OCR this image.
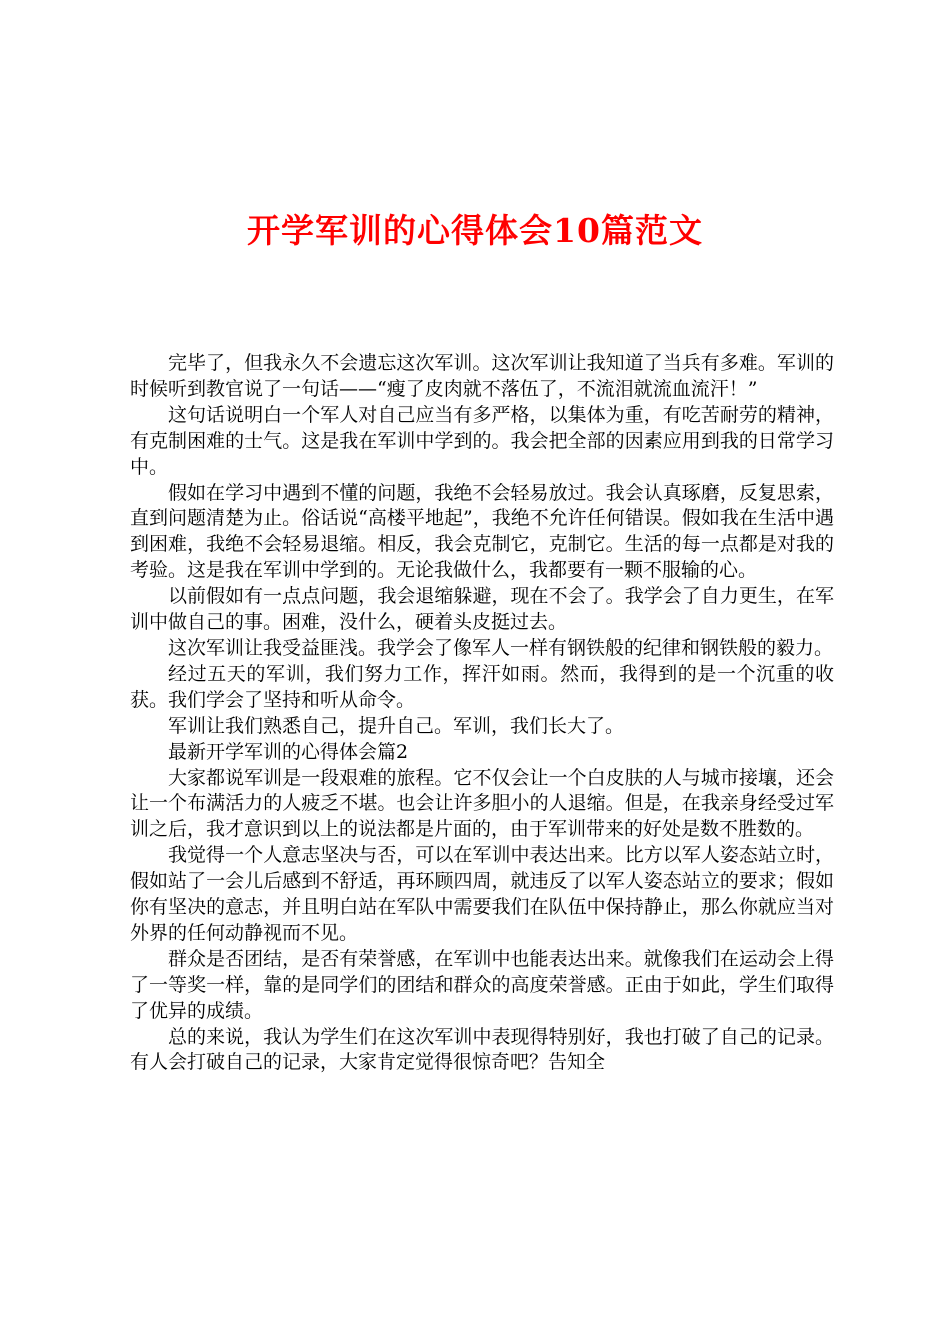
开学军训的心得体会10篇范文

完毕了，但我永久不会遗忘这次军训。这次军训让我知道了当兵有多难。军训的时候听到教官说了一句话——“瘦了皮肉就不落伍了，不流泪就流血流汗！”

这句话说明白一个军人对自己应当有多严格，以集体为重，有吃苦耐劳的精神，有克制困难的士气。这是我在军训中学到的。我会把全部的因素应用到我的日常学习中。

假如在学习中遇到不懂的问题，我绝不会轻易放过。我会认真琢磨，反复思索，直到问题清楚为止。俗话说“高楼平地起”，我绝不允许任何错误。假如我在生活中遇到困难，我绝不会轻易退缩。相反，我会克制它，克制它。生活的每一点都是对我的考验。这是我在军训中学到的。无论我做什么，我都要有一颗不服输的心。

以前假如有一点点问题，我会退缩躲避，现在不会了。我学会了自力更生，在军训中做自己的事。困难，没什么，硬着头皮挺过去。

这次军训让我受益匪浅。我学会了像军人一样有钢铁般的纪律和钢铁般的毅力。

经过五天的军训，我们努力工作，挥汗如雨。然而，我得到的是一个沉重的收获。我们学会了坚持和听从命令。

军训让我们熟悉自己，提升自己。军训，我们长大了。

最新开学军训的心得体会篇2

大家都说军训是一段艰难的旅程。它不仅会让一个白皮肤的人与城市接壤，还会让一个布满活力的人疲乏不堪。也会让许多胆小的人退缩。但是，在我亲身经受过军训之后，我才意识到以上的说法都是片面的，由于军训带来的好处是数不胜数的。

我觉得一个人意志坚决与否，可以在军训中表达出来。比方以军人姿态站立时，假如站了一会儿后感到不舒适，再环顾四周，就违反了以军人姿态站立的要求；假如你有坚决的意志，并且明白站在军队中需要我们在队伍中保持静止，那么你就应当对外界的任何动静视而不见。

群众是否团结，是否有荣誉感，在军训中也能表达出来。就像我们在运动会上得了一等奖一样，靠的是同学们的团结和群众的高度荣誉感。正由于如此，学生们取得了优异的成绩。

总的来说，我认为学生们在这次军训中表现得特别好，我也打破了自己的记录。有人会打破自己的记录，大家肯定觉得很惊奇吧？告知全
